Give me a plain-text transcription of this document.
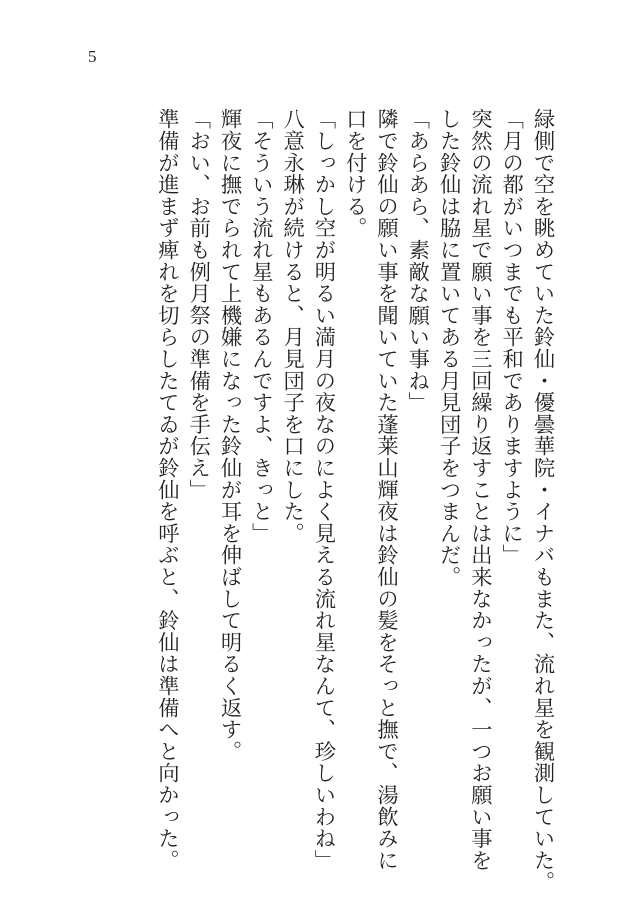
5
緑側で空を眺めていた鈴仙・優曇華院・イナバもまた、流れ星を観測していた。
「月の都がいつまでも平和でありますように」
突然の流れ星で願い事を三回繰り返すことは出来なかったが、一つお願い事を
した鈴仙は脇に置いてある月見団子をつまんだ。
「あらあら、素敵な願い事ね」
隣で鈴仙の願い事を聞いていた蓬莱山輝夜は鈴仙の髪をそっと撫で、湯飲みに
口を付ける。
「しっかし空が明るい満月の夜なのによく見える流れ星なんて、珍しいわね」
八意永琳が続けると、月見団子を口にした。
「そういう流れ星もあるんですよ、きっと」
輝夜に撫でられて上機嫌になった鈴仙が耳を伸ばして明るく返す。
「おい、お前も例月祭の準備を手伝え」
準備が進まず痺れを切らしたてゐが鈴仙を呼ぶと、鈴仙は準備へと向かった。
